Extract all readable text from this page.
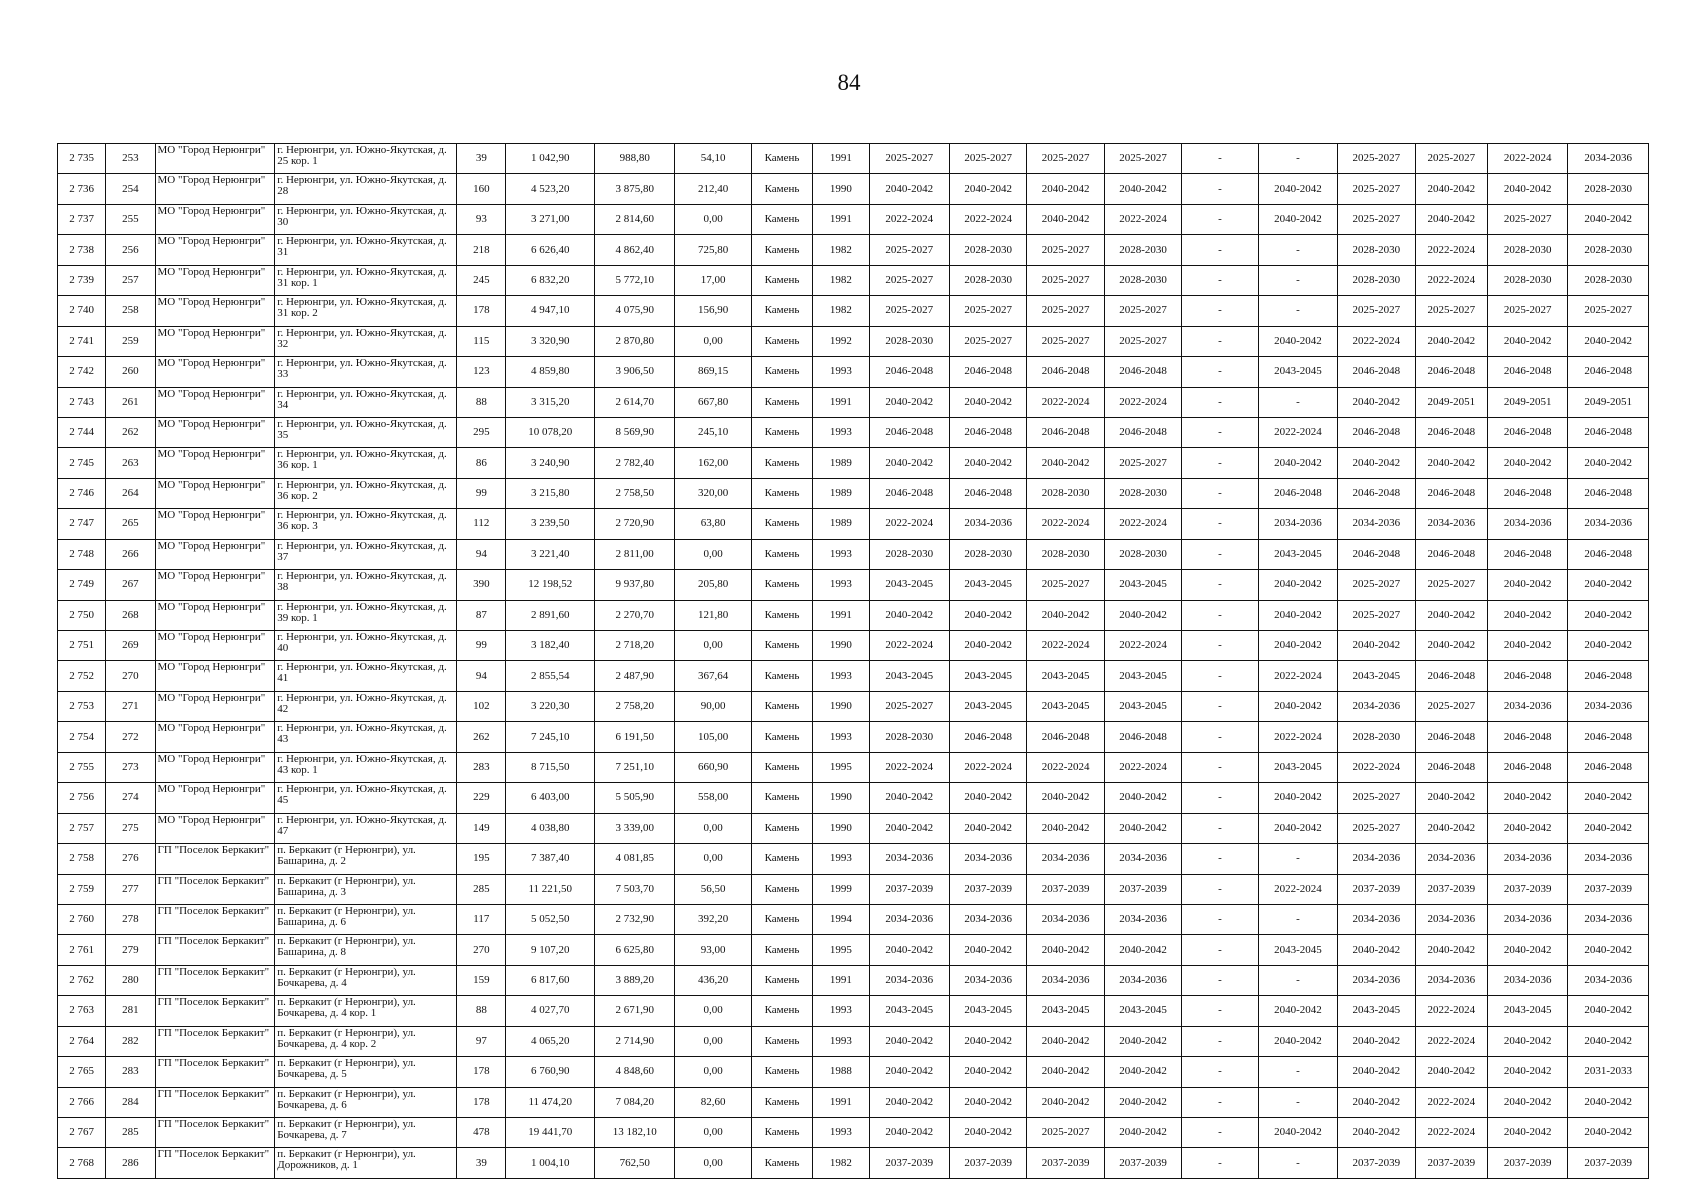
84
2 735	253	МО "Город Нерюнгри"	г. Нерюнгри, ул. Южно-Якутская, д. 25 кор. 1	39	1 042,90	988,80	54,10	Камень	1991	2025-2027	2025-2027	2025-2027	2025-2027	-	-	2025-2027	2025-2027	2022-2024	2034-2036
2 736	254	МО "Город Нерюнгри"	г. Нерюнгри, ул. Южно-Якутская, д. 28	160	4 523,20	3 875,80	212,40	Камень	1990	2040-2042	2040-2042	2040-2042	2040-2042	-	2040-2042	2025-2027	2040-2042	2040-2042	2028-2030
2 737	255	МО "Город Нерюнгри"	г. Нерюнгри, ул. Южно-Якутская, д. 30	93	3 271,00	2 814,60	0,00	Камень	1991	2022-2024	2022-2024	2040-2042	2022-2024	-	2040-2042	2025-2027	2040-2042	2025-2027	2040-2042
2 738	256	МО "Город Нерюнгри"	г. Нерюнгри, ул. Южно-Якутская, д. 31	218	6 626,40	4 862,40	725,80	Камень	1982	2025-2027	2028-2030	2025-2027	2028-2030	-	-	2028-2030	2022-2024	2028-2030	2028-2030
2 739	257	МО "Город Нерюнгри"	г. Нерюнгри, ул. Южно-Якутская, д. 31 кор. 1	245	6 832,20	5 772,10	17,00	Камень	1982	2025-2027	2028-2030	2025-2027	2028-2030	-	-	2028-2030	2022-2024	2028-2030	2028-2030
2 740	258	МО "Город Нерюнгри"	г. Нерюнгри, ул. Южно-Якутская, д. 31 кор. 2	178	4 947,10	4 075,90	156,90	Камень	1982	2025-2027	2025-2027	2025-2027	2025-2027	-	-	2025-2027	2025-2027	2025-2027	2025-2027
2 741	259	МО "Город Нерюнгри"	г. Нерюнгри, ул. Южно-Якутская, д. 32	115	3 320,90	2 870,80	0,00	Камень	1992	2028-2030	2025-2027	2025-2027	2025-2027	-	2040-2042	2022-2024	2040-2042	2040-2042	2040-2042
2 742	260	МО "Город Нерюнгри"	г. Нерюнгри, ул. Южно-Якутская, д. 33	123	4 859,80	3 906,50	869,15	Камень	1993	2046-2048	2046-2048	2046-2048	2046-2048	-	2043-2045	2046-2048	2046-2048	2046-2048	2046-2048
2 743	261	МО "Город Нерюнгри"	г. Нерюнгри, ул. Южно-Якутская, д. 34	88	3 315,20	2 614,70	667,80	Камень	1991	2040-2042	2040-2042	2022-2024	2022-2024	-	-	2040-2042	2049-2051	2049-2051	2049-2051
2 744	262	МО "Город Нерюнгри"	г. Нерюнгри, ул. Южно-Якутская, д. 35	295	10 078,20	8 569,90	245,10	Камень	1993	2046-2048	2046-2048	2046-2048	2046-2048	-	2022-2024	2046-2048	2046-2048	2046-2048	2046-2048
2 745	263	МО "Город Нерюнгри"	г. Нерюнгри, ул. Южно-Якутская, д. 36 кор. 1	86	3 240,90	2 782,40	162,00	Камень	1989	2040-2042	2040-2042	2040-2042	2025-2027	-	2040-2042	2040-2042	2040-2042	2040-2042	2040-2042
2 746	264	МО "Город Нерюнгри"	г. Нерюнгри, ул. Южно-Якутская, д. 36 кор. 2	99	3 215,80	2 758,50	320,00	Камень	1989	2046-2048	2046-2048	2028-2030	2028-2030	-	2046-2048	2046-2048	2046-2048	2046-2048	2046-2048
2 747	265	МО "Город Нерюнгри"	г. Нерюнгри, ул. Южно-Якутская, д. 36 кор. 3	112	3 239,50	2 720,90	63,80	Камень	1989	2022-2024	2034-2036	2022-2024	2022-2024	-	2034-2036	2034-2036	2034-2036	2034-2036	2034-2036
2 748	266	МО "Город Нерюнгри"	г. Нерюнгри, ул. Южно-Якутская, д. 37	94	3 221,40	2 811,00	0,00	Камень	1993	2028-2030	2028-2030	2028-2030	2028-2030	-	2043-2045	2046-2048	2046-2048	2046-2048	2046-2048
2 749	267	МО "Город Нерюнгри"	г. Нерюнгри, ул. Южно-Якутская, д. 38	390	12 198,52	9 937,80	205,80	Камень	1993	2043-2045	2043-2045	2025-2027	2043-2045	-	2040-2042	2025-2027	2025-2027	2040-2042	2040-2042
2 750	268	МО "Город Нерюнгри"	г. Нерюнгри, ул. Южно-Якутская, д. 39 кор. 1	87	2 891,60	2 270,70	121,80	Камень	1991	2040-2042	2040-2042	2040-2042	2040-2042	-	2040-2042	2025-2027	2040-2042	2040-2042	2040-2042
2 751	269	МО "Город Нерюнгри"	г. Нерюнгри, ул. Южно-Якутская, д. 40	99	3 182,40	2 718,20	0,00	Камень	1990	2022-2024	2040-2042	2022-2024	2022-2024	-	2040-2042	2040-2042	2040-2042	2040-2042	2040-2042
2 752	270	МО "Город Нерюнгри"	г. Нерюнгри, ул. Южно-Якутская, д. 41	94	2 855,54	2 487,90	367,64	Камень	1993	2043-2045	2043-2045	2043-2045	2043-2045	-	2022-2024	2043-2045	2046-2048	2046-2048	2046-2048
2 753	271	МО "Город Нерюнгри"	г. Нерюнгри, ул. Южно-Якутская, д. 42	102	3 220,30	2 758,20	90,00	Камень	1990	2025-2027	2043-2045	2043-2045	2043-2045	-	2040-2042	2034-2036	2025-2027	2034-2036	2034-2036
2 754	272	МО "Город Нерюнгри"	г. Нерюнгри, ул. Южно-Якутская, д. 43	262	7 245,10	6 191,50	105,00	Камень	1993	2028-2030	2046-2048	2046-2048	2046-2048	-	2022-2024	2028-2030	2046-2048	2046-2048	2046-2048
2 755	273	МО "Город Нерюнгри"	г. Нерюнгри, ул. Южно-Якутская, д. 43 кор. 1	283	8 715,50	7 251,10	660,90	Камень	1995	2022-2024	2022-2024	2022-2024	2022-2024	-	2043-2045	2022-2024	2046-2048	2046-2048	2046-2048
2 756	274	МО "Город Нерюнгри"	г. Нерюнгри, ул. Южно-Якутская, д. 45	229	6 403,00	5 505,90	558,00	Камень	1990	2040-2042	2040-2042	2040-2042	2040-2042	-	2040-2042	2025-2027	2040-2042	2040-2042	2040-2042
2 757	275	МО "Город Нерюнгри"	г. Нерюнгри, ул. Южно-Якутская, д. 47	149	4 038,80	3 339,00	0,00	Камень	1990	2040-2042	2040-2042	2040-2042	2040-2042	-	2040-2042	2025-2027	2040-2042	2040-2042	2040-2042
2 758	276	ГП "Поселок Беркакит"	п. Беркакит (г Нерюнгри), ул. Башарина, д. 2	195	7 387,40	4 081,85	0,00	Камень	1993	2034-2036	2034-2036	2034-2036	2034-2036	-	-	2034-2036	2034-2036	2034-2036	2034-2036
2 759	277	ГП "Поселок Беркакит"	п. Беркакит (г Нерюнгри), ул. Башарина, д. 3	285	11 221,50	7 503,70	56,50	Камень	1999	2037-2039	2037-2039	2037-2039	2037-2039	-	2022-2024	2037-2039	2037-2039	2037-2039	2037-2039
2 760	278	ГП "Поселок Беркакит"	п. Беркакит (г Нерюнгри), ул. Башарина, д. 6	117	5 052,50	2 732,90	392,20	Камень	1994	2034-2036	2034-2036	2034-2036	2034-2036	-	-	2034-2036	2034-2036	2034-2036	2034-2036
2 761	279	ГП "Поселок Беркакит"	п. Беркакит (г Нерюнгри), ул. Башарина, д. 8	270	9 107,20	6 625,80	93,00	Камень	1995	2040-2042	2040-2042	2040-2042	2040-2042	-	2043-2045	2040-2042	2040-2042	2040-2042	2040-2042
2 762	280	ГП "Поселок Беркакит"	п. Беркакит (г Нерюнгри), ул. Бочкарева, д. 4	159	6 817,60	3 889,20	436,20	Камень	1991	2034-2036	2034-2036	2034-2036	2034-2036	-	-	2034-2036	2034-2036	2034-2036	2034-2036
2 763	281	ГП "Поселок Беркакит"	п. Беркакит (г Нерюнгри), ул. Бочкарева, д. 4 кор. 1	88	4 027,70	2 671,90	0,00	Камень	1993	2043-2045	2043-2045	2043-2045	2043-2045	-	2040-2042	2043-2045	2022-2024	2043-2045	2040-2042
2 764	282	ГП "Поселок Беркакит"	п. Беркакит (г Нерюнгри), ул. Бочкарева, д. 4 кор. 2	97	4 065,20	2 714,90	0,00	Камень	1993	2040-2042	2040-2042	2040-2042	2040-2042	-	2040-2042	2040-2042	2022-2024	2040-2042	2040-2042
2 765	283	ГП "Поселок Беркакит"	п. Беркакит (г Нерюнгри), ул. Бочкарева, д. 5	178	6 760,90	4 848,60	0,00	Камень	1988	2040-2042	2040-2042	2040-2042	2040-2042	-	-	2040-2042	2040-2042	2040-2042	2031-2033
2 766	284	ГП "Поселок Беркакит"	п. Беркакит (г Нерюнгри), ул. Бочкарева, д. 6	178	11 474,20	7 084,20	82,60	Камень	1991	2040-2042	2040-2042	2040-2042	2040-2042	-	-	2040-2042	2022-2024	2040-2042	2040-2042
2 767	285	ГП "Поселок Беркакит"	п. Беркакит (г Нерюнгри), ул. Бочкарева, д. 7	478	19 441,70	13 182,10	0,00	Камень	1993	2040-2042	2040-2042	2025-2027	2040-2042	-	2040-2042	2040-2042	2022-2024	2040-2042	2040-2042
2 768	286	ГП "Поселок Беркакит"	п. Беркакит (г Нерюнгри), ул. Дорожников, д. 1	39	1 004,10	762,50	0,00	Камень	1982	2037-2039	2037-2039	2037-2039	2037-2039	-	-	2037-2039	2037-2039	2037-2039	2037-2039
